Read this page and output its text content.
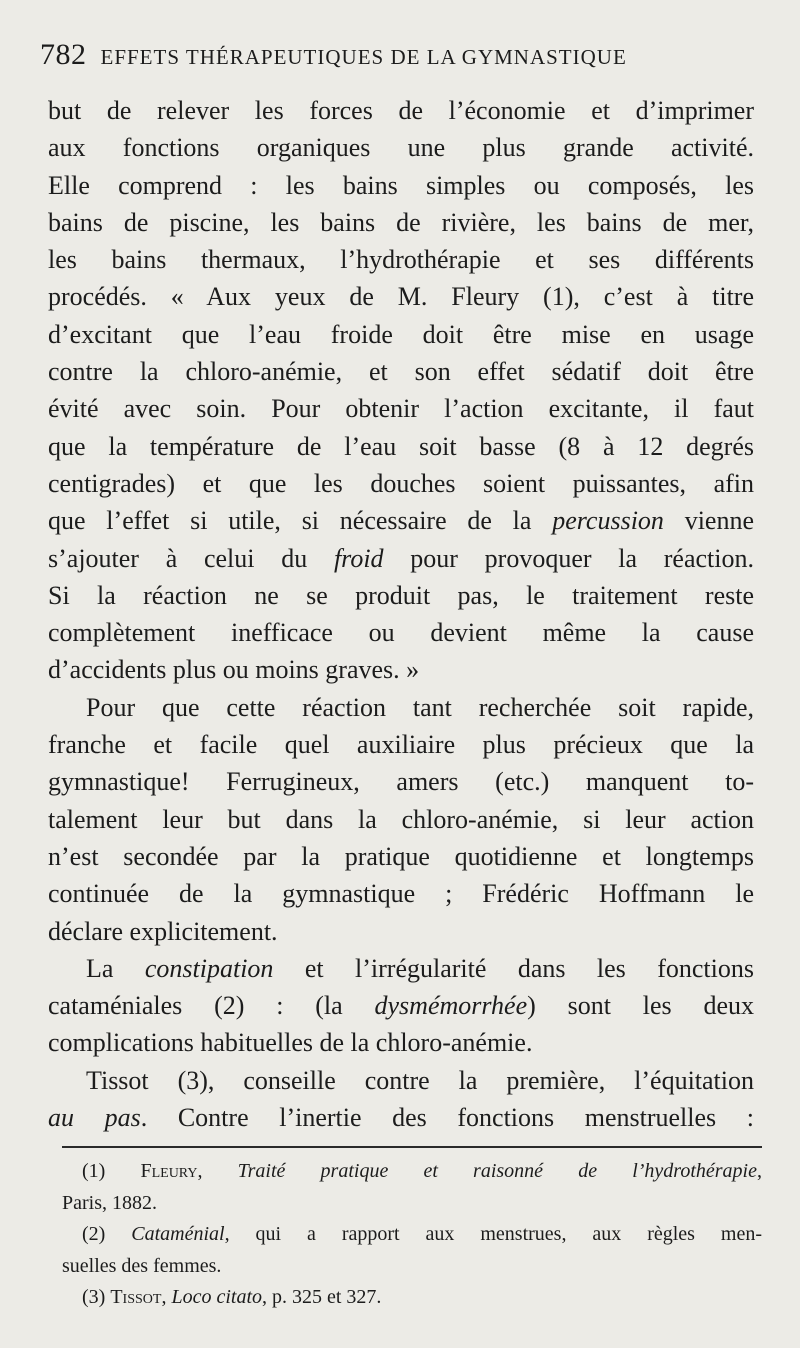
782 EFFETS THÉRAPEUTIQUES DE LA GYMNASTIQUE
but de relever les forces de l’économie et d’imprimer
aux fonctions organiques une plus grande activité.
Elle comprend : les bains simples ou composés, les
bains de piscine, les bains de rivière, les bains de mer,
les bains thermaux, l’hydrothérapie et ses différents
procédés. « Aux yeux de M. Fleury (1), c’est à titre
d’excitant que l’eau froide doit être mise en usage
contre la chloro-anémie, et son effet sédatif doit être
évité avec soin. Pour obtenir l’action excitante, il faut
que la température de l’eau soit basse (8 à 12 degrés
centigrades) et que les douches soient puissantes, afin
que l’effet si utile, si nécessaire de la percussion vienne
s’ajouter à celui du froid pour provoquer la réaction.
Si la réaction ne se produit pas, le traitement reste
complètement inefficace ou devient même la cause
d’accidents plus ou moins graves. »
Pour que cette réaction tant recherchée soit rapide,
franche et facile quel auxiliaire plus précieux que la
gymnastique! Ferrugineux, amers (etc.) manquent to-
talement leur but dans la chloro-anémie, si leur action
n’est secondée par la pratique quotidienne et longtemps
continuée de la gymnastique ; Frédéric Hoffmann le
déclare explicitement.
La constipation et l’irrégularité dans les fonctions
cataméniales (2) : (la dysmémorrhée) sont les deux
complications habituelles de la chloro-anémie.
Tissot (3), conseille contre la première, l’équitation
au pas. Contre l’inertie des fonctions menstruelles :
(1) Fleury, Traité pratique et raisonné de l’hydrothérapie,
Paris, 1882.
(2) Cataménial, qui a rapport aux menstrues, aux règles men-
suelles des femmes.
(3) Tissot, Loco citato, p. 325 et 327.
